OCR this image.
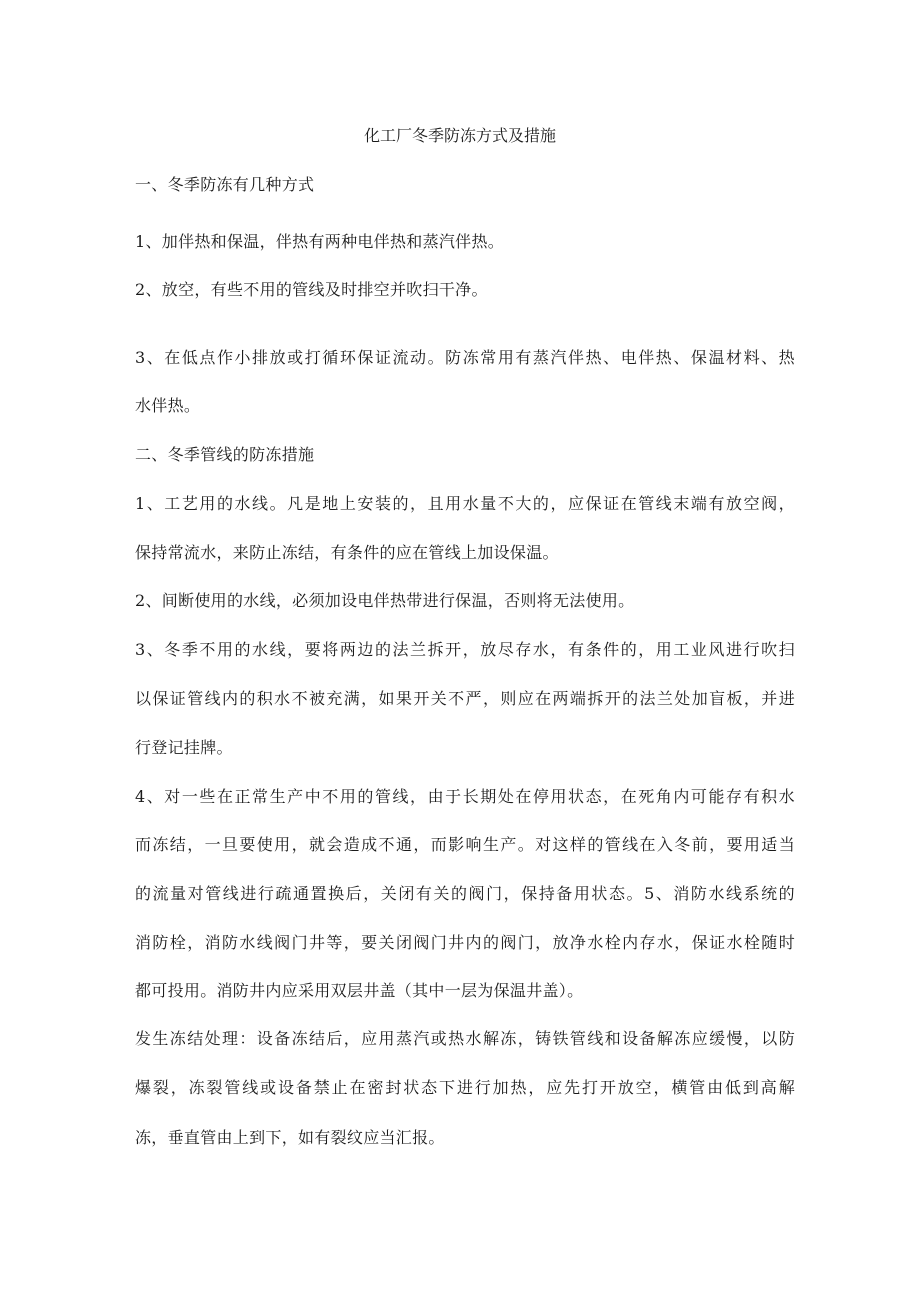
化工厂冬季防冻方式及措施

一、冬季防冻有几种方式

1、加伴热和保温，伴热有两种电伴热和蒸汽伴热。

2、放空，有些不用的管线及时排空并吹扫干净。

3、在低点作小排放或打循环保证流动。防冻常用有蒸汽伴热、电伴热、保温材料、热

水伴热。

二、冬季管线的防冻措施

1、工艺用的水线。凡是地上安装的，且用水量不大的，应保证在管线末端有放空阀，

保持常流水，来防止冻结，有条件的应在管线上加设保温。

2、间断使用的水线，必须加设电伴热带进行保温，否则将无法使用。

3、冬季不用的水线，要将两边的法兰拆开，放尽存水，有条件的，用工业风进行吹扫

以保证管线内的积水不被充满，如果开关不严，则应在两端拆开的法兰处加盲板，并进

行登记挂牌。

4、对一些在正常生产中不用的管线，由于长期处在停用状态，在死角内可能存有积水

而冻结，一旦要使用，就会造成不通，而影响生产。对这样的管线在入冬前，要用适当

的流量对管线进行疏通置换后，关闭有关的阀门，保持备用状态。5、消防水线系统的

消防栓，消防水线阀门井等，要关闭阀门井内的阀门，放净水栓内存水，保证水栓随时

都可投用。消防井内应采用双层井盖（其中一层为保温井盖）。

发生冻结处理：设备冻结后，应用蒸汽或热水解冻，铸铁管线和设备解冻应缓慢，以防

爆裂，冻裂管线或设备禁止在密封状态下进行加热，应先打开放空，横管由低到高解

冻，垂直管由上到下，如有裂纹应当汇报。
